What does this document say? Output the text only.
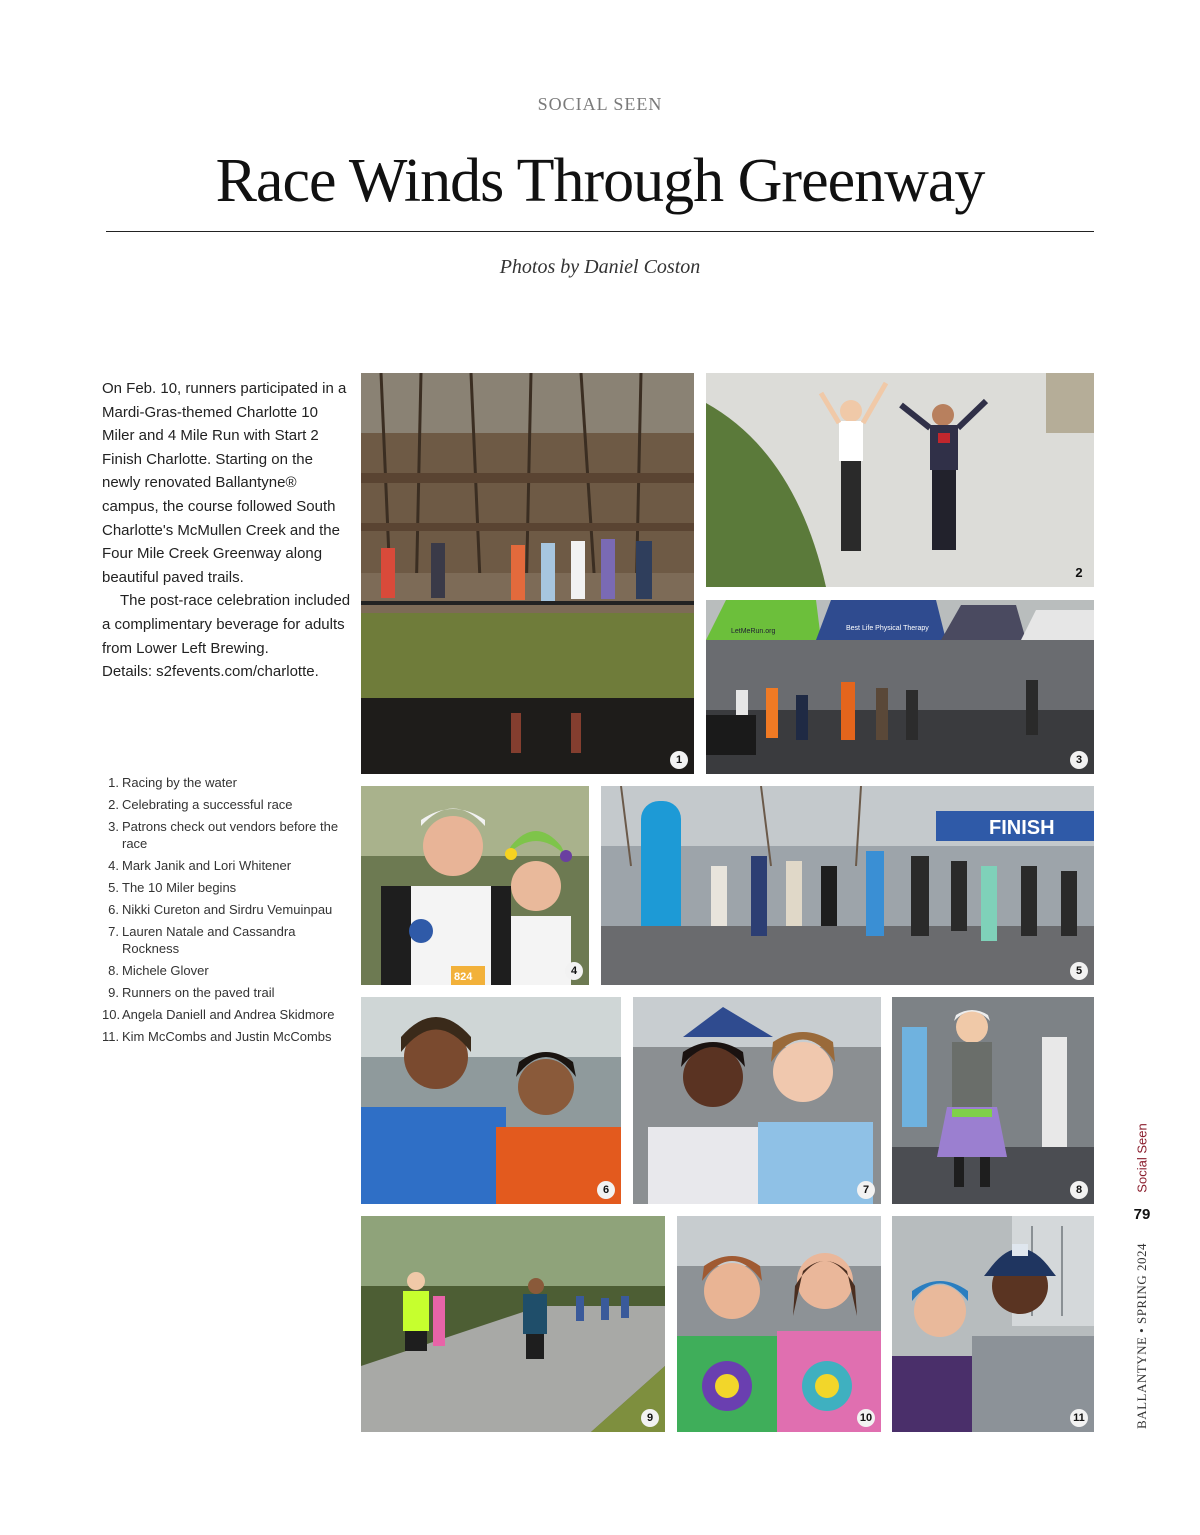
SOCIAL SEEN
Race Winds Through Greenway
Photos by Daniel Coston

On Feb. 10, runners participated in a Mardi-Gras-themed Charlotte 10 Miler and 4 Mile Run with Start 2 Finish Charlotte. Starting on the newly renovated Ballantyne® campus, the course followed South Charlotte's McMullen Creek and the Four Mile Creek Greenway along beautiful paved trails.

The post-race celebration included a complimentary beverage for adults from Lower Left Brewing.

Details: s2fevents.com/charlotte.

1. Racing by the water
2. Celebrating a successful race
3. Patrons check out vendors before the race
4. Mark Janik and Lori Whitener
5. The 10 Miler begins
6. Nikki Cureton and Sirdru Vemuinpau
7. Lauren Natale and Cassandra Rockness
8. Michele Glover
9. Runners on the paved trail
10. Angela Daniell and Andrea Skidmore
11. Kim McCombs and Justin McCombs
1
2
LetMeRun.org	Best Life Physical Therapy
3
824	4
FINISH
5
6	7	8
9	10	11
Social Seen
79
BALLANTYNE • SPRING 2024
